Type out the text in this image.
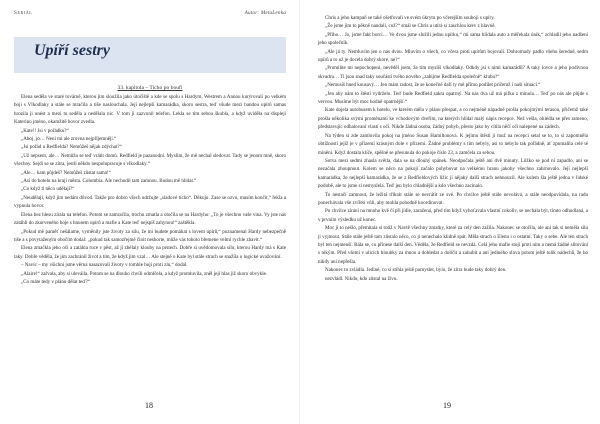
Seriál	Autor: MetaLenka
Upíří sestry
33. kapitola – Ticho po bouři

Elena seděla ve staré továrně, kterou jim sloužila jako útočiště a kde se spolu s Hardym, Westrem a Annou kurýrovali po velkém boji s Vlkodlaky a stále se mračila a tiše naslouchala. Její nejlepší kamarádka, skoro sestra, teď všude mezi bandou upírů samas hrozila ji unést a mezi tu seděla a nedělala nic. V tom ji zazvonil telefon. Lekla se tím sebou škubla, a když uviděla na displeji Katerino jméno, okamžitě hovor zvedla.

„Kate!! Jsi v pořádku?“

„Ahoj, jo… Není mi ale zrovna nejpříjemněji.“

„Jsi pořád u Redfielda? Nemůžeš nějak zdýchat?“

„Už nepsem, ale… Nemůžu se teď vrátit domů. Redfield je pazanodní. Myslím, že mě nechal sledovat. Tady se jenom mně, skoro všechny. Sejdi se se zítra, jestli někdo nespolupracuje s vlkodlaky.“

„Ale… kam půjdeš? Nemůžeš zůstat sama!“

„Asi do hotelu na kraji města. Columbia. Ale nechodil tam zamnou. Budou mě hlídat.“

„Co když ti něco udělají?“

„Neudělají, když jim nedám důvod. Takže pro dobro všech udržujte „sladové ticho“. Děkuju. Zase se ozvu, musím končit,“ řekla a vypnula hovor.

Elena bez hlesu zírala na telefon. Potom se zamračila, trochu zmatla a otočila se na Hardyho: „To je všechno vaše vina. Vy jste nás zatáhli do zkurveného hoje s hnusem upírů a mafie a Kate teď nejspíš zahynou!“ zaštěkla.

„Pokud mě paměť nešálame, vyměnily jste životy za sílu, že mi budete pomáhat s lovem upírů,“ poznamenal Hardy nebezpečně tiše a s povytaženým obočím dodal: „pokud tak samozřejmě činit neshorte, může vás tohoto břemene velmi rychle zbavit.“

Elena zmačkla jeho oči a zatáhla ruce v pěst, až jí zbělaly klouby na prstech. Dobře si uvědomovala sílu, kterou Hardy má s Kate taky. Dobře věděla, že jim zachránil život a tím, že když jim vzal… Ale stejně o Kate byl stále strach se snažila o logické uvažování.

– Navíc – my všichni jsme věrna nasazovali životy v tomhle boji proti zlu,“ dodal.

„Alaire!“ zařvala, aby si uleváila. Potom se na dlouho chvíli odmlčela, a když promluvila, zněl její hlas již skoro obvykle.

„Co máte tedy v plánu dělat teď?“

18

Chris a jeho kampaň se také ošetřovali ve svém úkrytu po včerejším souboji s upíry.

„Že jsme jim to pěkně nandali, což?“ smál se Chris a utírá si zaschlou krev z hlavně.

„Přiho… Jo, jsme fakt borci… Ve dvou jsme složili jednu upírku,“ mi sama hlídala auto a měřekala únik,“ zchladil jeho nadšení jeho společník.

„Ale já ty. Nemluvím jen o nás dvou. Mluvím o všech, co včera proti upírům bojovali. Dohromady padlo všeho šeredně, sedm upírů a to už je docela dobrý skore, ne?“

„Promiňte mi nepochopení, nevěděl jsem, že tím myslíš vlkodlaky. Odkdy jsi s nimi kamarádil? A taky lovce a jeho podivnou skvadru… Ti jsou snad taky součástí tvého nového „zabijme Redfielda společně“ klubu?“

„Nemusíš hned kousavý… Jen mám radost, že se konečně daří ty mě přímo podílet pričemž i naší situací.“

„Jen aby nám to štěstí vydrželo. Teď bude Redfield sakra opatrný. Na nás dva už má pifku z minula… Teď po nás ale půjde s vervou. Musíme být moc hodně opatrnější.“

Kate dojela autobusem k hotelu, ve kterém měla v plánu přespat, a co nejméně nápadně prošla pokojmými terasou, přičemž také prošla několika svými proměnami ke vchodovým dveřím, na kterých hlídal malý nápis recepce. Než vešla, ohlédla se přes rameno, představujíc odhalovaní vlastí s očí. Nikde žádná osoba, žádný pohyb, přesto jako by cítila něčí oči nalepené na zádech.

Na týden si zde zamluvila pokoj na jméno Susan Hamiltonová. K jejímu štěstí ji muž na recepci setal se to, to si zapomněla obtížností jejíž je v přízemí krásným dole v přízemí. Žádné problémy s tím nebyly, asi to nebylo tak pořádně, ať zpomalila celé té mínění. Když dostala klíče, spěšně se přesunula do pokoje číslo 23, a zamčela za sebou.

Sotva mezi sedmi zhasla světla, dala se na dlouhý spánek. Neodpočala ještě ani dvě minuty. Lůžko se pod ní zapadlo, ani se nezačala zhoupnout. Kolem se něco na pokoji začalo pohybovat na velkému hranu jakoby všechno zahrnovalo. Její nejlepší kamarádka, že nejlepší kamarádka, že se z Redfieldových ližic ji nějaký další strach nehnouzil. Ale kolem šla ještě jedna v lidské podobě, ale to jsme si nemyslela. Teď jen bylo chladnější a kdo všechno zacínalo.

To nestačí zamnout, že ležitá třikrát stále se nevrátit ze své. Po chvilce ještě stále nevolává, a stále neodpovídala, na radu ponechávala vše zvířeti vůli, aby mohla pohodně koordinovat.

Po chvilce zírání na mnoho kvě čí při jídle, zaražená, před tím když vyhoťavala vlastní cokoliv, se nechala být, tímto odhodlaná, a v prvním výsledku už konec.

Moc jí to nešlo, přemítala si totiž v Navtě všechny zmatky, které za celý den zažila. Nakonec se otočila, ale ani tak si neměla sílu ji vyjmout. Stále stále ještě tam zůstalo něco, co ji nenechalo klidně spát. Měla strach o Elenu i o ostatní. Taky o sebe. Ale ten strach byl ten nejmenší. Bála se, co přinese další den. Věděla, že Redfield se nevzdá. Celá jeho mafie stojí proti nim a nemá žádné slitování s nikým. Před všemi v ulicích hloubky za mnou a dohledat a dolíčit a zahubit a ani jediného slova potom ještě tolik nádechů, že ho nikdy ani nepřešla.

Nakonec to zvládla. Jediné, co si stihla ještě pomyslet, bylo, že zítra bude taky dobrý den.

nezvládl. Nikdo, kdo zůstal na živu.

19
